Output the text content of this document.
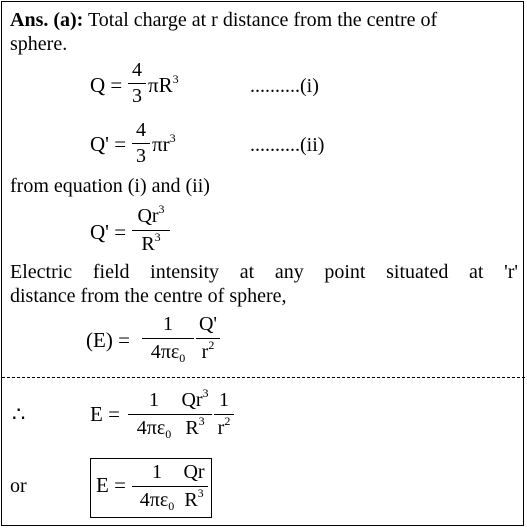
Ans. (a): Total charge at r distance from the centre of
sphere.
Q =
4
3 $\pi R^3$	..........(i)
Q' =
4
3 $\pi r^3$	..........(ii)
from equation (i) and (ii)
Q' =
$Qr^3$
$R^3$
Electric field intensity at any point situated at 'r'
distance from the centre of sphere,
(E) =
1
$4\pi\varepsilon_0$
Q'
$r^2$
∴	E =
1
$4\pi\varepsilon_0$
Qr$^3$
$R^3$
1
$r^2$
or	E =
1
$4\pi\varepsilon_0$
Qr
$R^3$
